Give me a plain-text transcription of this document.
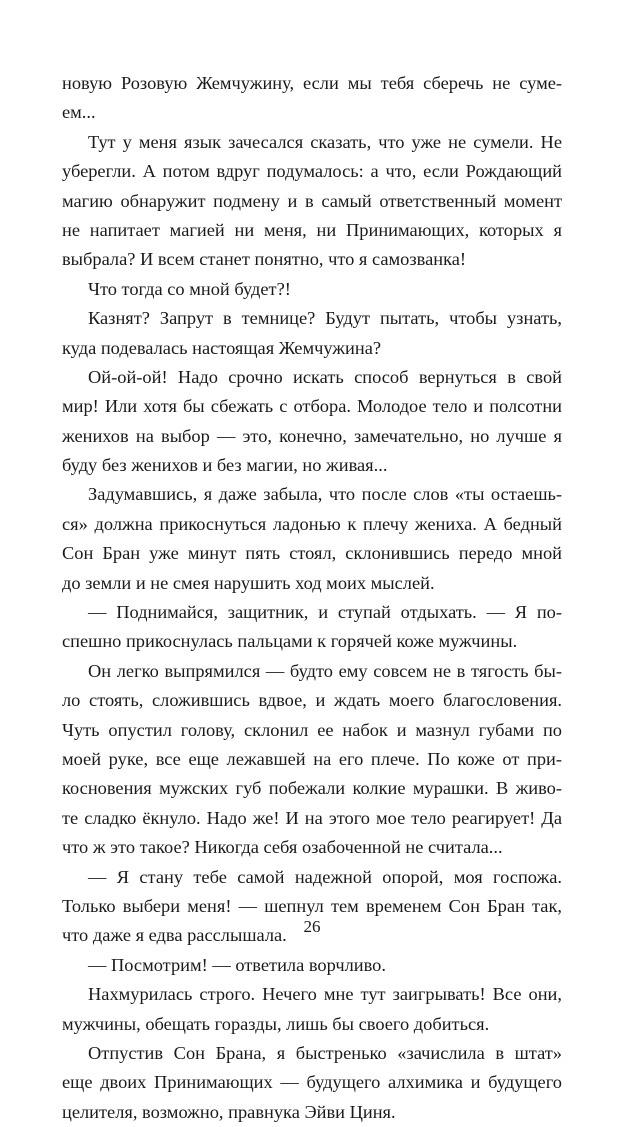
новую Розовую Жемчужину, если мы тебя сберечь не суме-
ем...
Тут у меня язык зачесался сказать, что уже не сумели. Не
уберегли. А потом вдруг подумалось: а что, если Рождающий
магию обнаружит подмену и в самый ответственный момент
не напитает магией ни меня, ни Принимающих, которых я
выбрала? И всем станет понятно, что я самозванка!
Что тогда со мной будет?!
Казнят? Запрут в темнице? Будут пытать, чтобы узнать,
куда подевалась настоящая Жемчужина?
Ой-ой-ой! Надо срочно искать способ вернуться в свой
мир! Или хотя бы сбежать с отбора. Молодое тело и полсотни
женихов на выбор — это, конечно, замечательно, но лучше я
буду без женихов и без магии, но живая...
Задумавшись, я даже забыла, что после слов «ты остаешь-
ся» должна прикоснуться ладонью к плечу жениха. А бедный
Сон Бран уже минут пять стоял, склонившись передо мной
до земли и не смея нарушить ход моих мыслей.
— Поднимайся, защитник, и ступай отдыхать. — Я по-
спешно прикоснулась пальцами к горячей коже мужчины.
Он легко выпрямился — будто ему совсем не в тягость бы-
ло стоять, сложившись вдвое, и ждать моего благословения.
Чуть опустил голову, склонил ее набок и мазнул губами по
моей руке, все еще лежавшей на его плече. По коже от при-
косновения мужских губ побежали колкие мурашки. В живо-
те сладко ёкнуло. Надо же! И на этого мое тело реагирует! Да
что ж это такое? Никогда себя озабоченной не считала...
— Я стану тебе самой надежной опорой, моя госпожа.
Только выбери меня! — шепнул тем временем Сон Бран так,
что даже я едва расслышала.
— Посмотрим! — ответила ворчливо.
Нахмурилась строго. Нечего мне тут заигрывать! Все они,
мужчины, обещать горазды, лишь бы своего добиться.
Отпустив Сон Брана, я быстренько «зачислила в штат»
еще двоих Принимающих — будущего алхимика и будущего
целителя, возможно, правнука Эйви Циня.
26
